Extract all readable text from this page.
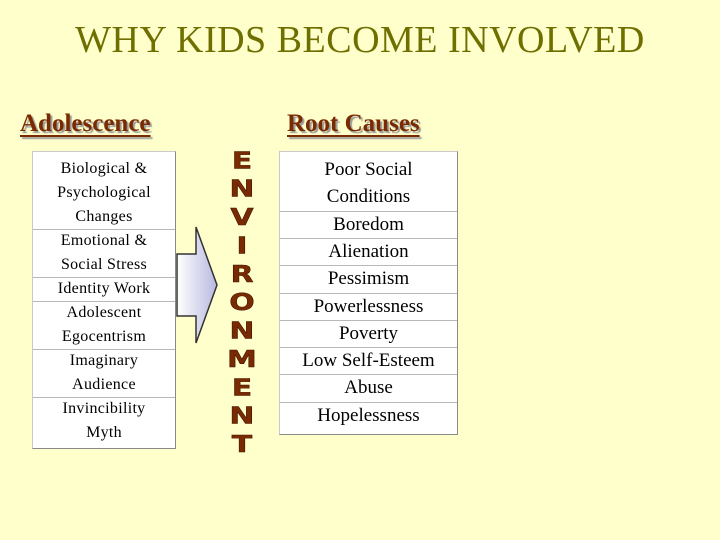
WHY KIDS BECOME INVOLVED
Adolescence	Root Causes
Biological &
Psychological
Changes
Emotional &
Social Stress
Identity Work
Adolescent
Egocentrism
Imaginary
Audience
Invincibility
Myth
E
N
V
I
R
O
N
M
E
N
T
Poor Social
Conditions
Boredom
Alienation
Pessimism
Powerlessness
Poverty
Low Self-Esteem
Abuse
Hopelessness
